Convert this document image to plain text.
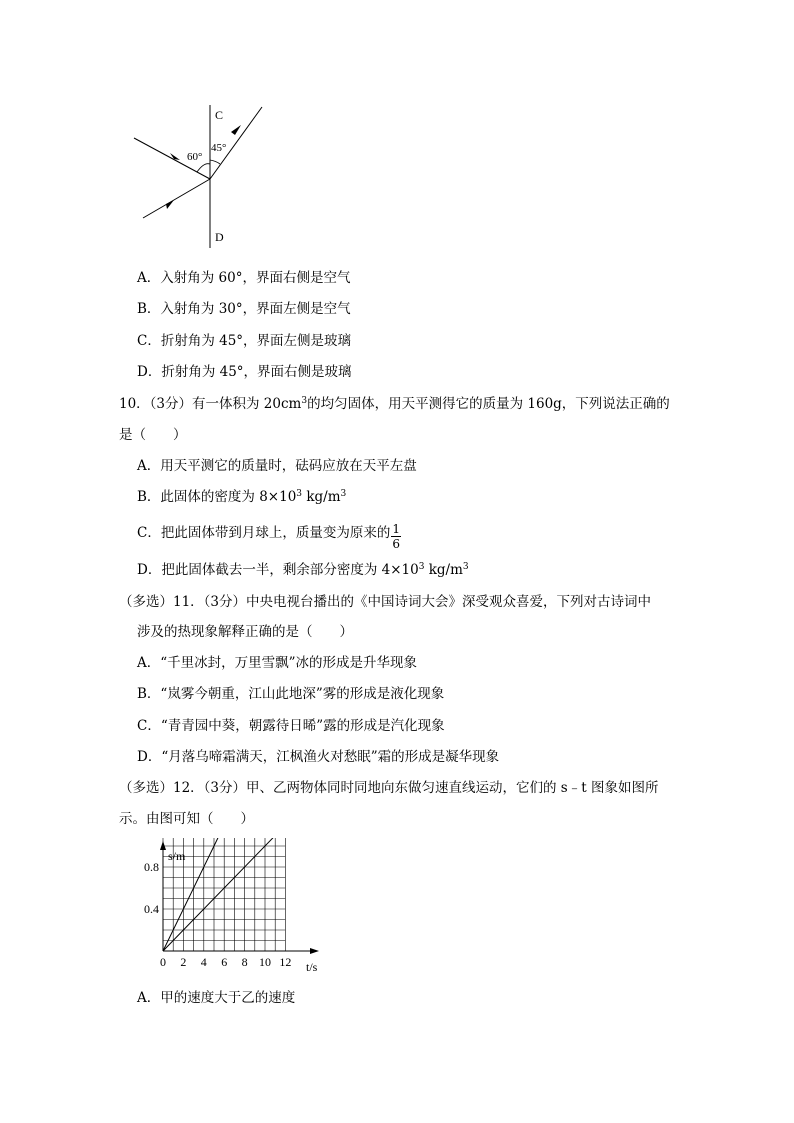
C
D
60°
45°
A．入射角为 60°，界面右侧是空气
B．入射角为 30°，界面左侧是空气
C．折射角为 45°，界面左侧是玻璃
D．折射角为 45°，界面右侧是玻璃
10．（3分）有一体积为 $20cm^3$的均匀固体，用天平测得它的质量为 160g，下列说法正确的
是（　　）
A．用天平测它的质量时，砝码应放在天平左盘
B．此固体的密度为 $8\times 10^3$ $kg/m^3$
C．把此固体带到月球上，质量变为原来的 $\frac{1}{6}$
D．把此固体截去一半，剩余部分密度为 $4\times 10^3$ $kg/m^3$
（多选）11．（3分）中央电视台播出的《中国诗词大会》深受观众喜爱，下列对古诗词中
涉及的热现象解释正确的是（　　）
A．“千里冰封，万里雪飘”冰的形成是升华现象
B．“岚雾今朝重，江山此地深”雾的形成是液化现象
C．“青青园中葵，朝露待日晞”露的形成是汽化现象
D．“月落乌啼霜满天，江枫渔火对愁眠”霜的形成是凝华现象
（多选）12．（3分）甲、乙两物体同时同地向东做匀速直线运动，它们的 s﹣t 图象如图所
示。由图可知（　　）
0 2 4 6 8 10 12
0.4
0.8
s/m
t/s
A．甲的速度大于乙的速度
